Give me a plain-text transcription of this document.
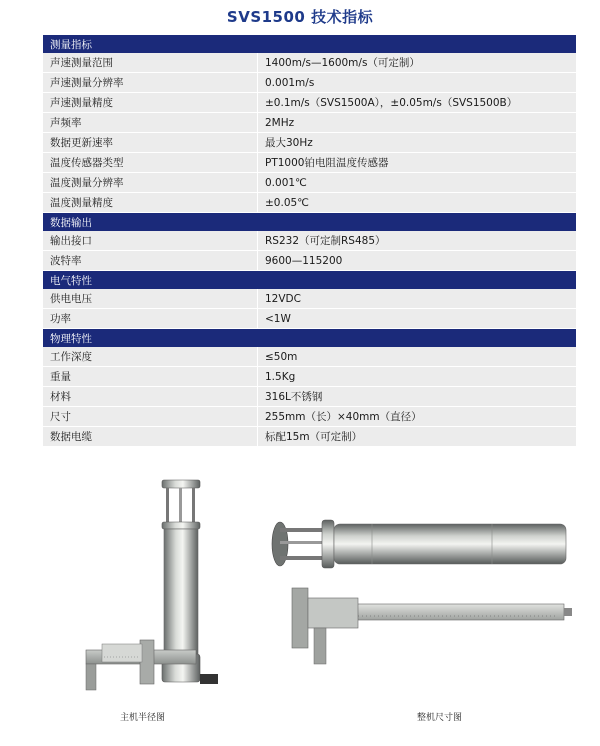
SVS1500 技术指标
测量指标	
声速测量范围	1400m/s—1600m/s（可定制）
声速测量分辨率	0.001m/s
声速测量精度	±0.1m/s（SVS1500A），±0.05m/s（SVS1500B）
声频率	2MHz
数据更新速率	最大30Hz
温度传感器类型	PT1000铂电阻温度传感器
温度测量分辨率	0.001℃
温度测量精度	±0.05℃
数据输出	
输出接口	RS232（可定制RS485）
波特率	9600—115200
电气特性	
供电电压	12VDC
功率	<1W
物理特性	
工作深度	≤50m
重量	1.5Kg
材料	316L不锈钢
尺寸	255mm（长）×40mm（直径）
数据电缆	标配15m（可定制）
主机半径图	整机尺寸图
